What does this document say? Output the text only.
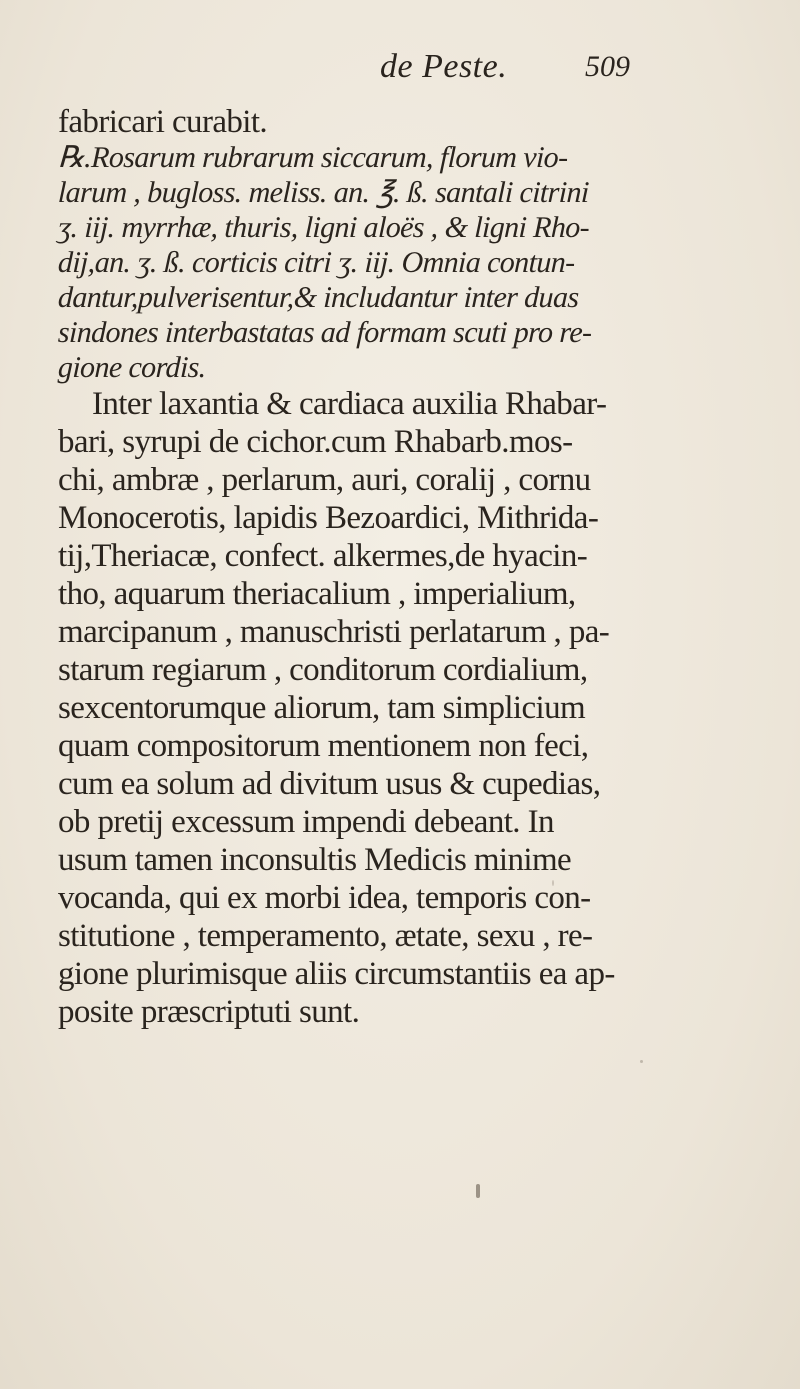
de Peste.	509
fabricari curabit.
℞.Rosarum rubrarum siccarum, florum vio-
larum , bugloss. meliss. an. ℥. ß. santali citrini
ʒ. iij. myrrhæ, thuris, ligni aloës , & ligni Rho-
dij,an. ʒ. ß. corticis citri ʒ. iij. Omnia contun-
dantur,pulverisentur,& includantur inter duas
sindones interbastatas ad formam scuti pro re-
gione cordis.
Inter laxantia & cardiaca auxilia Rhabar-
bari, syrupi de cichor.cum Rhabarb.mos-
chi, ambræ , perlarum, auri, coralij , cornu
Monocerotis, lapidis Bezoardici, Mithrida-
tij,Theriacæ, confect. alkermes,de hyacin-
tho, aquarum theriacalium , imperialium,
marcipanum , manuschristi perlatarum , pa-
starum regiarum , conditorum cordialium,
sexcentorumque aliorum, tam simplicium
quam compositorum mentionem non feci,
cum ea solum ad divitum usus & cupedias,
ob pretij excessum impendi debeant. In
usum tamen inconsultis Medicis minime
vocanda, qui ex morbi idea, temporis con-
stitutione , temperamento, ætate, sexu , re-
gione plurimisque aliis circumstantiis ea ap-
posite præscriptuti sunt.
